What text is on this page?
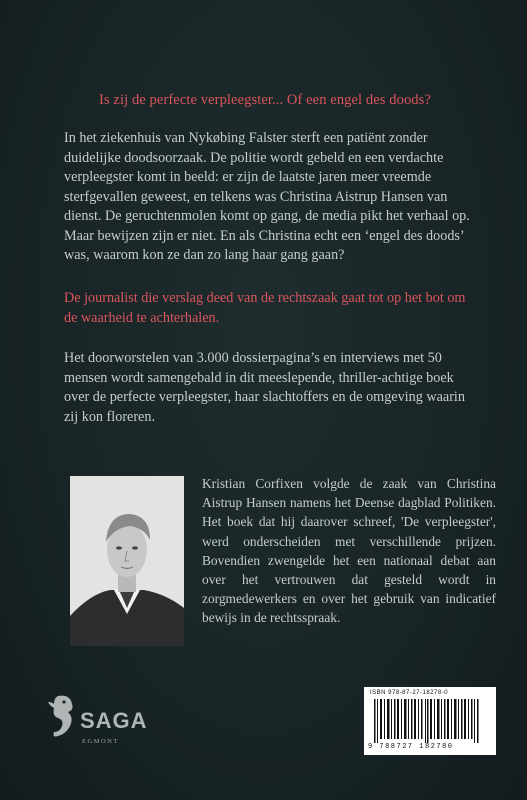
Is zij de perfecte verpleegster... Of een engel des doods?
In het ziekenhuis van Nykøbing Falster sterft een patiënt zonder duidelijke doodsoorzaak. De politie wordt gebeld en een verdachte verpleegster komt in beeld: er zijn de laatste jaren meer vreemde sterfgevallen geweest, en telkens was Christina Aistrup Hansen van dienst. De geruchtenmolen komt op gang, de media pikt het verhaal op. Maar bewijzen zijn er niet. En als Christina echt een ‘engel des doods’ was, waarom kon ze dan zo lang haar gang gaan?
De journalist die verslag deed van de rechtszaak gaat tot op het bot om de waarheid te achterhalen.
Het doorworstelen van 3.000 dossierpagina’s en interviews met 50 mensen wordt samengebald in dit meeslepende, thriller-achtige boek over de perfecte verpleegster, haar slachtoffers en de omgeving waarin zij kon floreren.
Kristian Corfixen volgde de zaak van Christina Aistrup Hansen namens het Deense dagblad Politiken. Het boek dat hij daarover schreef, 'De verpleegster', werd onderscheiden met verschillende prijzen. Bovendien zwengelde het een nationaal debat aan over het vertrouwen dat gesteld wordt in zorgmedewerkers en over het gebruik van indicatief bewijs in de rechtsspraak.
SAGA
EGMONT
ISBN 978-87-27-18278-0
9 788727 182780
